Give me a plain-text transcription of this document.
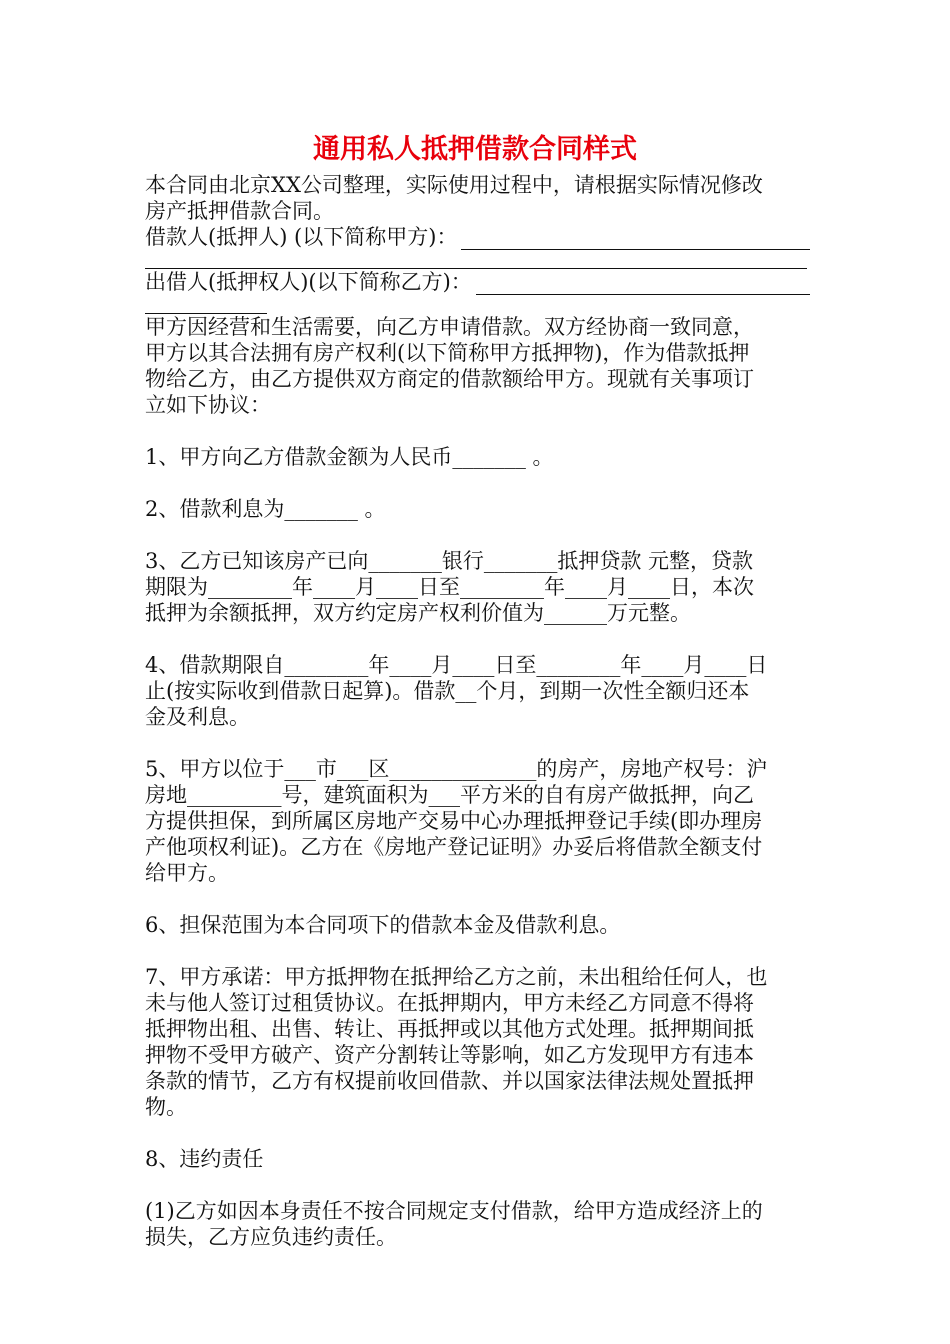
通用私人抵押借款合同样式

本合同由北京XX公司整理，实际使用过程中，请根据实际情况修改

房产抵押借款合同。

借款人(抵押人) (以下简称甲方)：
出借人(抵押权人)(以下简称乙方)：

甲方因经营和生活需要，向乙方申请借款。双方经协商一致同意，

甲方以其合法拥有房产权利(以下简称甲方抵押物)，作为借款抵押

物给乙方，由乙方提供双方商定的借款额给甲方。现就有关事项订

立如下协议：

1、甲方向乙方借款金额为人民币_______ 。

2、借款利息为_______ 。

3、乙方已知该房产已向_______银行_______抵押贷款 元整，贷款

期限为________年____月____日至________年____月____日，本次

抵押为余额抵押，双方约定房产权利价值为______万元整。

4、借款期限自________年____月____日至________年____月____日

止(按实际收到借款日起算)。借款__个月，到期一次性全额归还本

金及利息。

5、甲方以位于___市___区______________的房产，房地产权号：沪

房地_________号，建筑面积为___平方米的自有房产做抵押，向乙

方提供担保，到所属区房地产交易中心办理抵押登记手续(即办理房

产他项权利证)。乙方在《房地产登记证明》办妥后将借款全额支付

给甲方。

6、担保范围为本合同项下的借款本金及借款利息。

7、甲方承诺：甲方抵押物在抵押给乙方之前，未出租给任何人，也

未与他人签订过租赁协议。在抵押期内，甲方未经乙方同意不得将

抵押物出租、出售、转让、再抵押或以其他方式处理。抵押期间抵

押物不受甲方破产、资产分割转让等影响，如乙方发现甲方有违本

条款的情节，乙方有权提前收回借款、并以国家法律法规处置抵押

物。

8、违约责任

(1)乙方如因本身责任不按合同规定支付借款，给甲方造成经济上的

损失，乙方应负违约责任。
